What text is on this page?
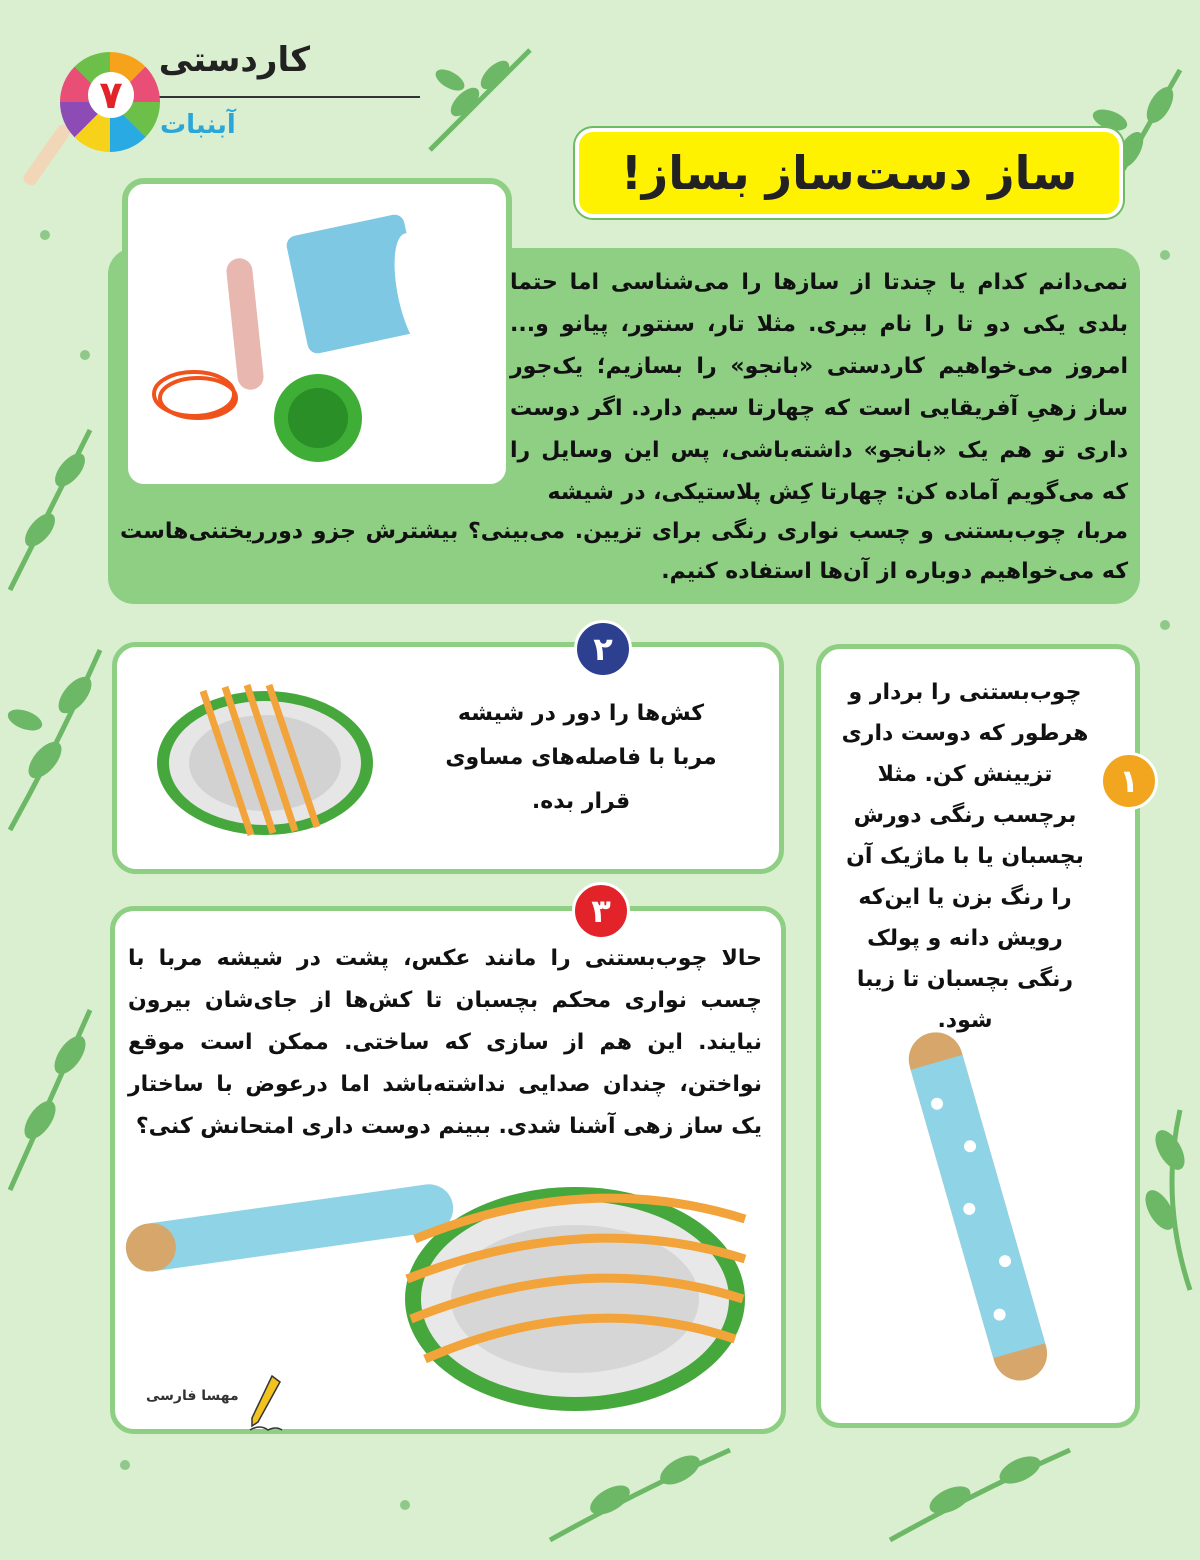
کاردستی
۷
آبنبات
ساز دست‌ساز بساز!
نمی‌دانم کدام یا چندتا از سازها را می‌شناسی اما حتما بلدی یکی دو تا را نام ببری. مثلا تار، سنتور، پیانو و... امروز می‌خواهیم کاردستی «بانجو» را بسازیم؛ یک‌جور ساز زهیِ آفریقایی است که چهارتا سیم دارد. اگر دوست داری تو هم یک «بانجو» داشته‌باشی، پس این وسایل را که می‌گویم آماده کن: چهارتا کِش پلاستیکی، در شیشه
مربا، چوب‌بستنی و چسب نواری رنگی برای تزیین. می‌بینی؟ بیشترش جزو دورریختنی‌هاست که می‌خواهیم دوباره از آن‌ها استفاده کنیم.
۲
کش‌ها را دور در شیشه مربا با فاصله‌های مساوی قرار بده.
۱
چوب‌بستنی را بردار و هرطور که دوست داری تزیینش کن. مثلا برچسب رنگی دورش بچسبان یا با ماژیک آن را رنگ بزن یا این‌که رویش دانه و پولک رنگی بچسبان تا زیبا شود.
۳
حالا چوب‌بستنی را مانند عکس، پشت در شیشه مربا با چسب نواری محکم بچسبان تا کش‌ها از جای‌شان بیرون نیایند. این هم از سازی که ساختی. ممکن است موقع نواختن، چندان صدایی نداشته‌باشد اما درعوض با ساختار یک ساز زهی آشنا شدی. ببینم دوست داری امتحانش کنی؟
مهسا فارسی
